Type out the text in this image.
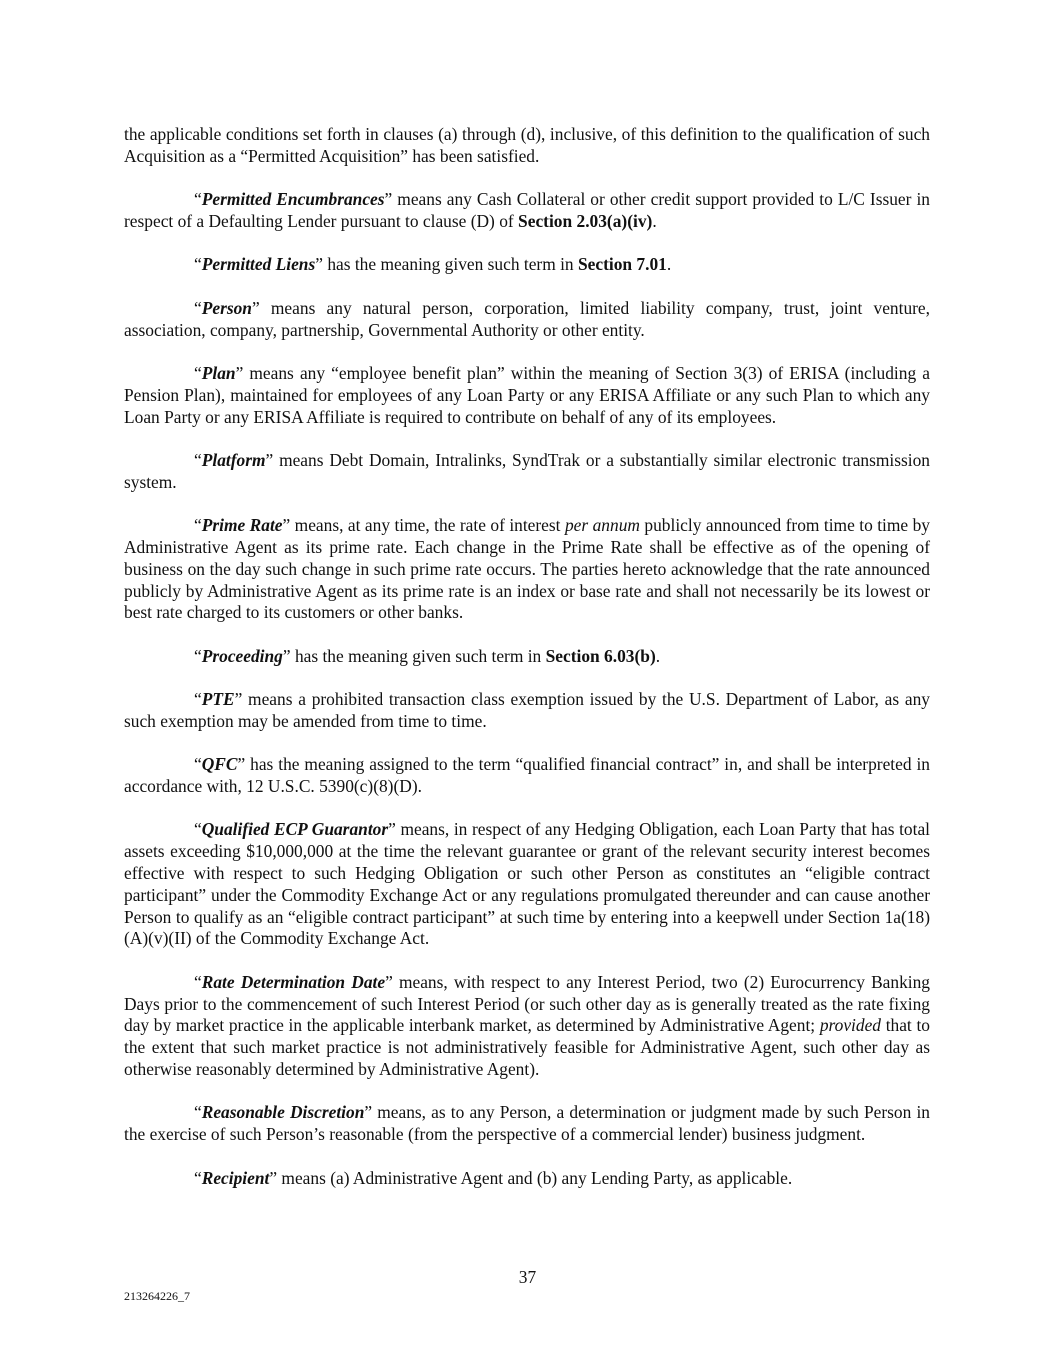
the applicable conditions set forth in clauses (a) through (d), inclusive, of this definition to the qualification of such Acquisition as a “Permitted Acquisition” has been satisfied.

“Permitted Encumbrances” means any Cash Collateral or other credit support provided to L/C Issuer in respect of a Defaulting Lender pursuant to clause (D) of Section 2.03(a)(iv).

“Permitted Liens” has the meaning given such term in Section 7.01.

“Person” means any natural person, corporation, limited liability company, trust, joint venture, association, company, partnership, Governmental Authority or other entity.

“Plan” means any “employee benefit plan” within the meaning of Section 3(3) of ERISA (including a Pension Plan), maintained for employees of any Loan Party or any ERISA Affiliate or any such Plan to which any Loan Party or any ERISA Affiliate is required to contribute on behalf of any of its employees.

“Platform” means Debt Domain, Intralinks, SyndTrak or a substantially similar electronic transmission system.

“Prime Rate” means, at any time, the rate of interest per annum publicly announced from time to time by Administrative Agent as its prime rate. Each change in the Prime Rate shall be effective as of the opening of business on the day such change in such prime rate occurs. The parties hereto acknowledge that the rate announced publicly by Administrative Agent as its prime rate is an index or base rate and shall not necessarily be its lowest or best rate charged to its customers or other banks.

“Proceeding” has the meaning given such term in Section 6.03(b).

“PTE” means a prohibited transaction class exemption issued by the U.S. Department of Labor, as any such exemption may be amended from time to time.

“QFC” has the meaning assigned to the term “qualified financial contract” in, and shall be interpreted in accordance with, 12 U.S.C. 5390(c)(8)(D).

“Qualified ECP Guarantor” means, in respect of any Hedging Obligation, each Loan Party that has total assets exceeding $10,000,000 at the time the relevant guarantee or grant of the relevant security interest becomes effective with respect to such Hedging Obligation or such other Person as constitutes an “eligible contract participant” under the Commodity Exchange Act or any regulations promulgated thereunder and can cause another Person to qualify as an “eligible contract participant” at such time by entering into a keepwell under Section 1a(18)(A)(v)(II) of the Commodity Exchange Act.

“Rate Determination Date” means, with respect to any Interest Period, two (2) Eurocurrency Banking Days prior to the commencement of such Interest Period (or such other day as is generally treated as the rate fixing day by market practice in the applicable interbank market, as determined by Administrative Agent; provided that to the extent that such market practice is not administratively feasible for Administrative Agent, such other day as otherwise reasonably determined by Administrative Agent).

“Reasonable Discretion” means, as to any Person, a determination or judgment made by such Person in the exercise of such Person’s reasonable (from the perspective of a commercial lender) business judgment.

“Recipient” means (a) Administrative Agent and (b) any Lending Party, as applicable.

37
213264226_7
